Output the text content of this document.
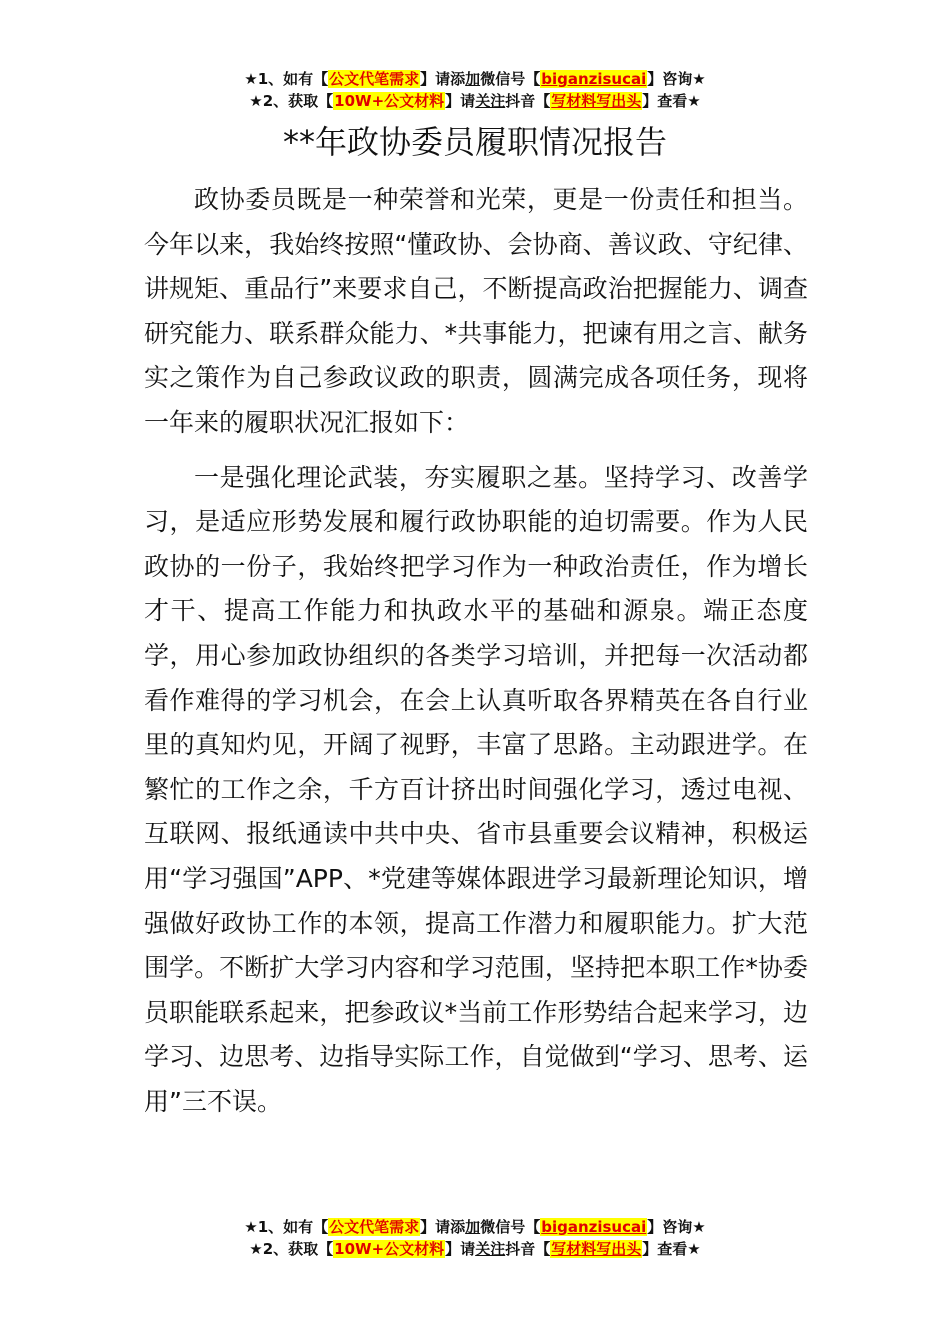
★1、如有【公文代笔需求】请添加微信号【biganzisucai】咨询★
★2、获取【10W+公文材料】请关注抖音【写材料写出头】查看★
**年政协委员履职情况报告

政协委员既是一种荣誉和光荣，更是一份责任和担当。今年以来，我始终按照“懂政协、会协商、善议政、守纪律、讲规矩、重品行”来要求自己，不断提高政治把握能力、调查研究能力、联系群众能力、*共事能力，把谏有用之言、献务实之策作为自己参政议政的职责，圆满完成各项任务，现将一年来的履职状况汇报如下：

一是强化理论武装，夯实履职之基。坚持学习、改善学习，是适应形势发展和履行政协职能的迫切需要。作为人民政协的一份子，我始终把学习作为一种政治责任，作为增长才干、提高工作能力和执政水平的基础和源泉。端正态度学，用心参加政协组织的各类学习培训，并把每一次活动都看作难得的学习机会，在会上认真听取各界精英在各自行业里的真知灼见，开阔了视野，丰富了思路。主动跟进学。在繁忙的工作之余，千方百计挤出时间强化学习，透过电视、互联网、报纸通读中共中央、省市县重要会议精神，积极运用“学习强国”APP、*党建等媒体跟进学习最新理论知识，增强做好政协工作的本领，提高工作潜力和履职能力。扩大范围学。不断扩大学习内容和学习范围，坚持把本职工作*协委员职能联系起来，把参政议*当前工作形势结合起来学习，边学习、边思考、边指导实际工作，自觉做到“学习、思考、运用”三不误。

★1、如有【公文代笔需求】请添加微信号【biganzisucai】咨询★
★2、获取【10W+公文材料】请关注抖音【写材料写出头】查看★
